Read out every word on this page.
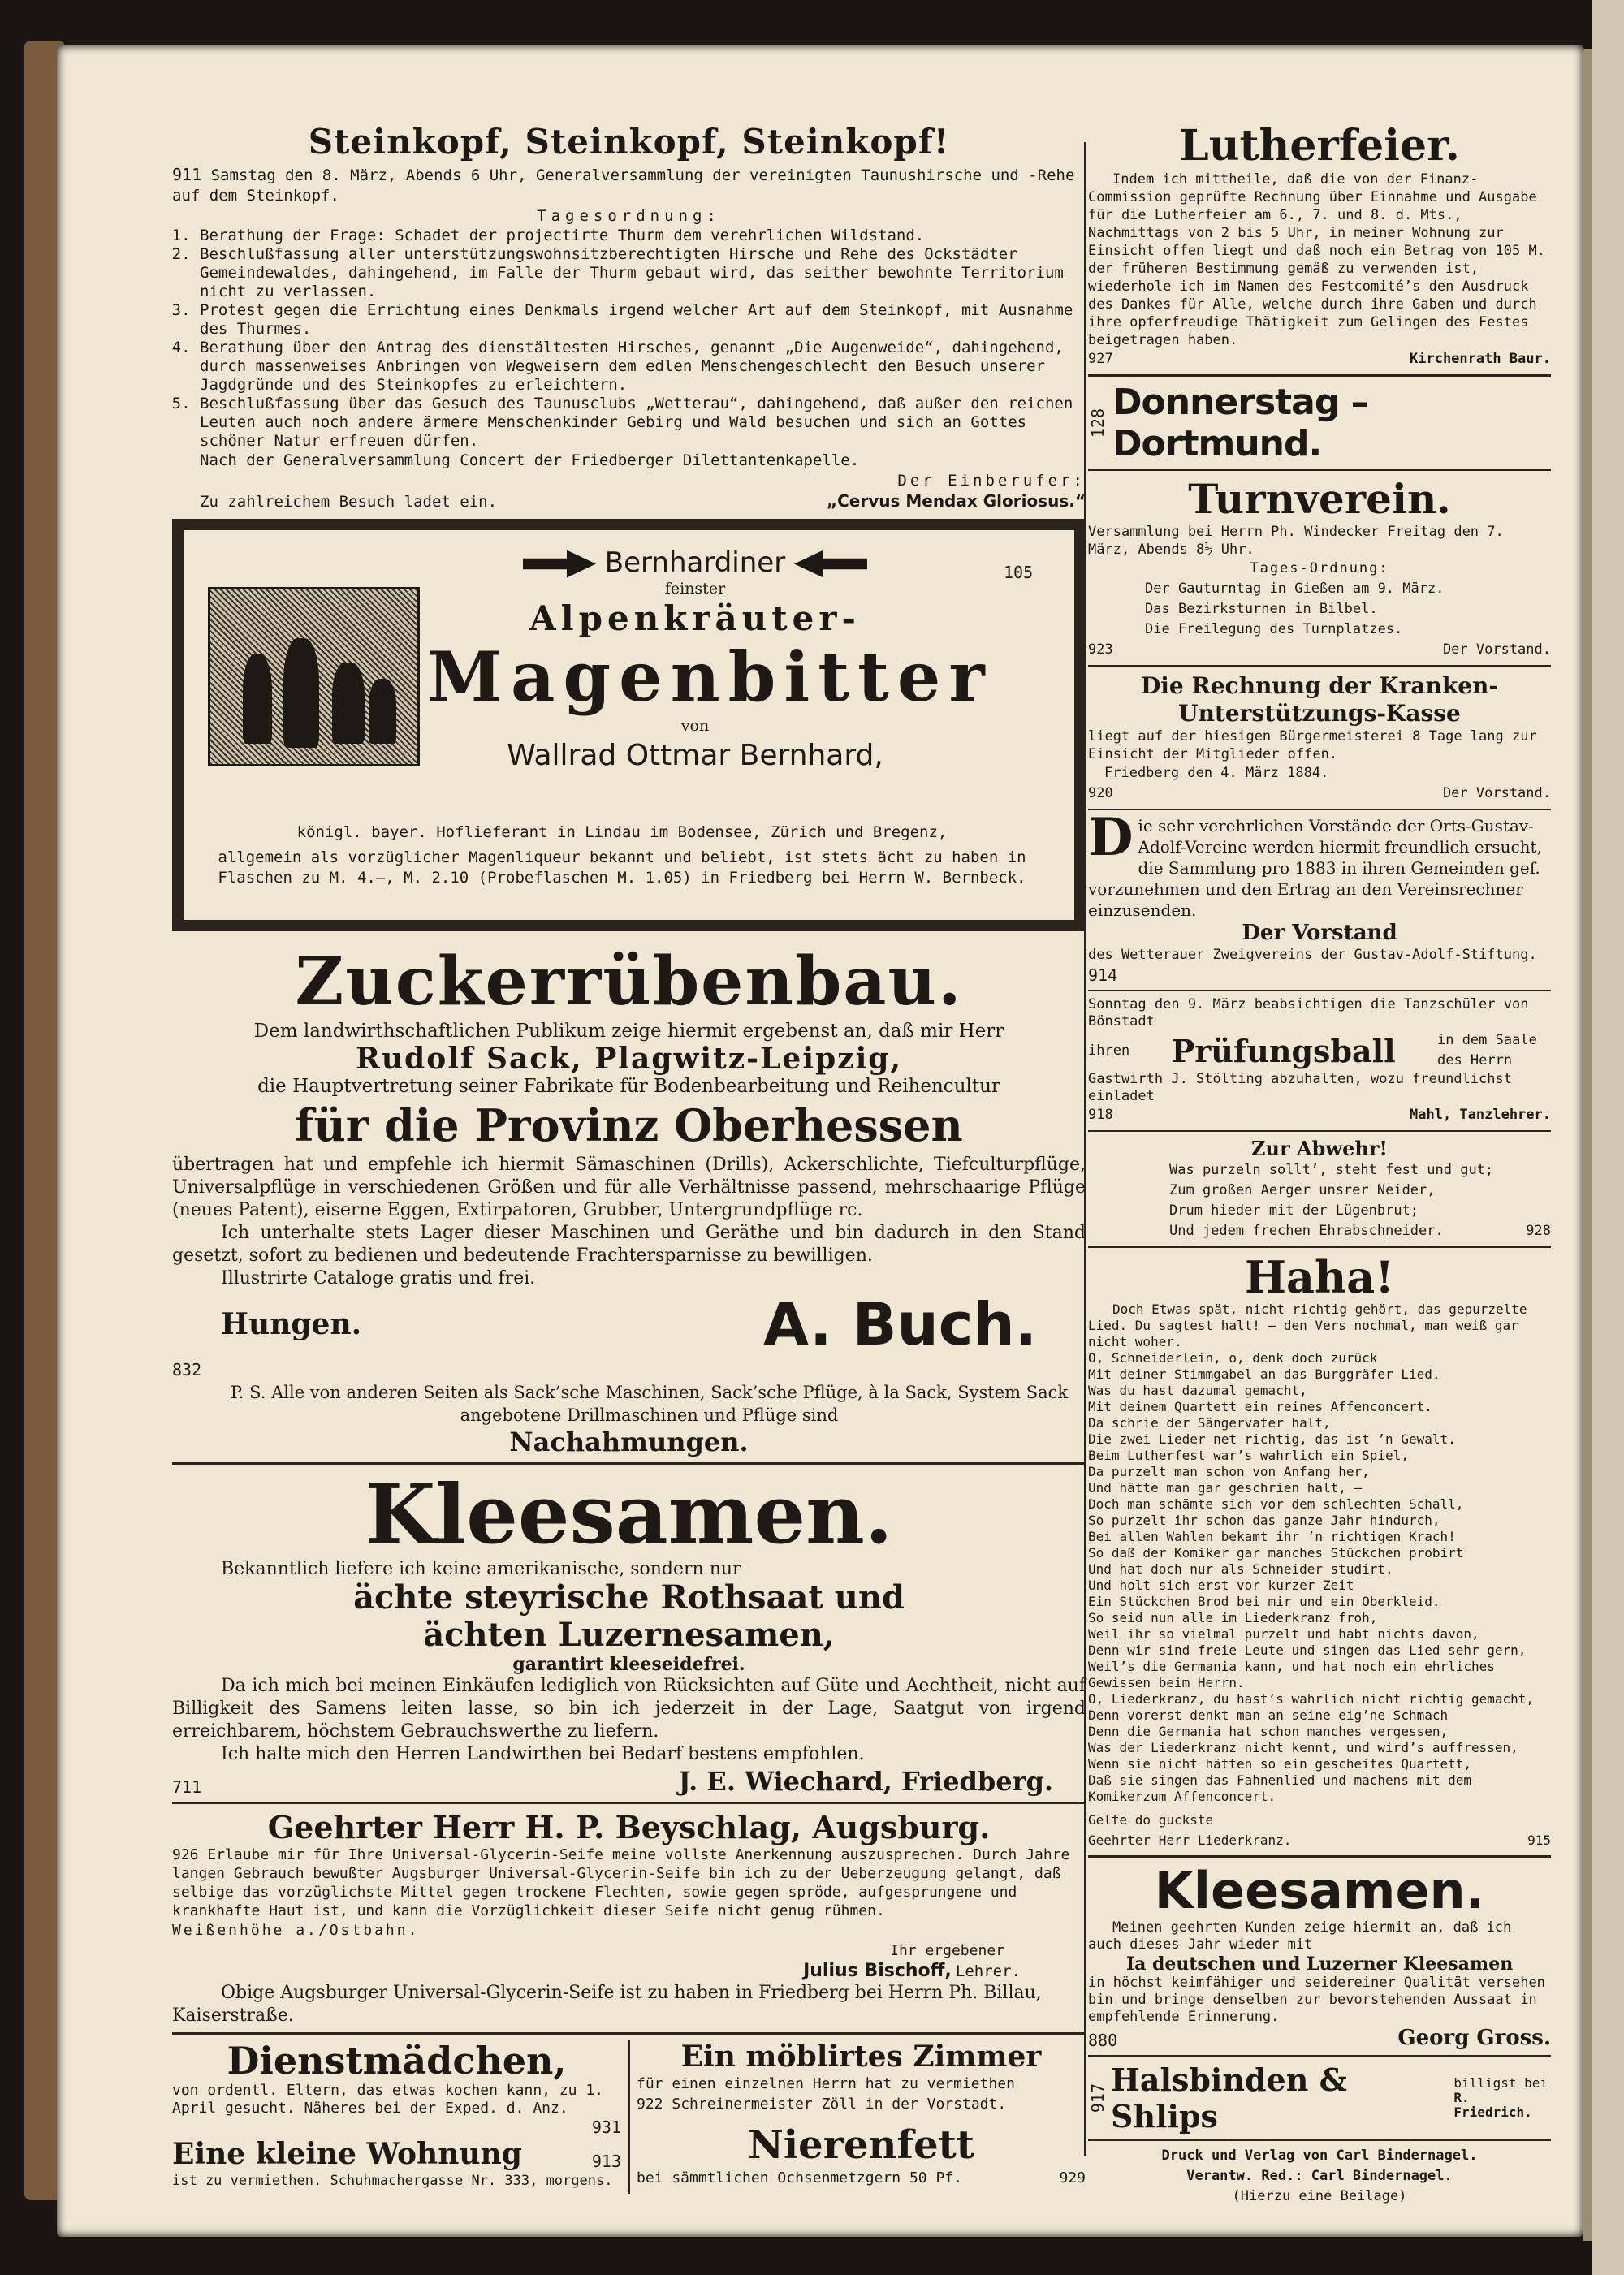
Steinkopf, Steinkopf, Steinkopf!

911 Samstag den 8. März, Abends 6 Uhr, Generalversammlung der vereinigten Taunushirsche und -Rehe auf dem Steinkopf.

Tagesordnung:

1. Berathung der Frage: Schadet der projectirte Thurm dem verehrlichen Wildstand.
2. Beschlußfassung aller unterstützungswohnsitzberechtigten Hirsche und Rehe des Ockstädter Gemeindewaldes, dahingehend, im Falle der Thurm gebaut wird, das seither bewohnte Territorium nicht zu verlassen.
3. Protest gegen die Errichtung eines Denkmals irgend welcher Art auf dem Steinkopf, mit Ausnahme des Thurmes.
4. Berathung über den Antrag des dienstältesten Hirsches, genannt „Die Augenweide“, dahingehend, durch massenweises Anbringen von Wegweisern dem edlen Menschengeschlecht den Besuch unserer Jagdgründe und des Steinkopfes zu erleichtern.
5. Beschlußfassung über das Gesuch des Taunusclubs „Wetterau“, dahingehend, daß außer den reichen Leuten auch noch andere ärmere Menschenkinder Gebirg und Wald besuchen und sich an Gottes schöner Natur erfreuen dürfen.

Nach der Generalversammlung Concert der Friedberger Dilettantenkapelle.

Zu zahlreichem Besuch ladet ein.
Der Einberufer:
„Cervus Mendax Gloriosus.“
Bernhardiner
feinster
Alpenkräuter-
Magenbitter
von
Wallrad Ottmar Bernhard,
105

königl. bayer. Hoflieferant in Lindau im Bodensee, Zürich und Bregenz,

allgemein als vorzüglicher Magenliqueur bekannt und beliebt, ist stets ächt zu haben in Flaschen zu M. 4.–, M. 2.10 (Probeflaschen M. 1.05) in Friedberg bei Herrn W. Bernbeck.

Zuckerrübenbau.

Dem landwirthschaftlichen Publikum zeige hiermit ergebenst an, daß mir Herr

Rudolf Sack, Plagwitz-Leipzig,

die Hauptvertretung seiner Fabrikate für Bodenbearbeitung und Reihencultur

für die Provinz Oberhessen

übertragen hat und empfehle ich hiermit Sämaschinen (Drills), Ackerschlichte, Tiefculturpflüge, Universalpflüge in verschiedenen Größen und für alle Verhältnisse passend, mehrschaarige Pflüge (neues Patent), eiserne Eggen, Extirpatoren, Grubber, Untergrundpflüge rc.

Ich unterhalte stets Lager dieser Maschinen und Geräthe und bin dadurch in den Stand gesetzt, sofort zu bedienen und bedeutende Frachtersparnisse zu bewilligen.

Illustrirte Cataloge gratis und frei.

Hungen.	A. Buch.

832

P. S. Alle von anderen Seiten als Sack’sche Maschinen, Sack’sche Pflüge, à la Sack, System Sack angebotene Drillmaschinen und Pflüge sind

Nachahmungen.
Kleesamen.

Bekanntlich liefere ich keine amerikanische, sondern nur

ächte steyrische Rothsaat und
ächten Luzernesamen,
garantirt kleeseidefrei.

Da ich mich bei meinen Einkäufen lediglich von Rücksichten auf Güte und Aechtheit, nicht auf Billigkeit des Samens leiten lasse, so bin ich jederzeit in der Lage, Saatgut von irgend erreichbarem, höchstem Gebrauchswerthe zu liefern.

Ich halte mich den Herren Landwirthen bei Bedarf bestens empfohlen.

711	J. E. Wiechard, Friedberg.
Geehrter Herr H. P. Beyschlag, Augsburg.

926 Erlaube mir für Ihre Universal-Glycerin-Seife meine vollste Anerkennung auszusprechen. Durch Jahre langen Gebrauch bewußter Augsburger Universal-Glycerin-Seife bin ich zu der Ueberzeugung gelangt, daß selbige das vorzüglichste Mittel gegen trockene Flechten, sowie gegen spröde, aufgesprungene und krankhafte Haut ist, und kann die Vorzüglichkeit dieser Seife nicht genug rühmen.

Weißenhöhe a./Ostbahn.

Ihr ergebener

Julius Bischoff, Lehrer.

Obige Augsburger Universal-Glycerin-Seife ist zu haben in Friedberg bei Herrn Ph. Billau, Kaiserstraße.

Dienstmädchen,

von ordentl. Eltern, das etwas kochen kann, zu 1. April gesucht. Näheres bei der Exped. d. Anz.

931

Eine kleine Wohnung	913

ist zu vermiethen. Schuhmachergasse Nr. 333, morgens.

Ein möblirtes Zimmer

für einen einzelnen Herrn hat zu vermiethen

922 Schreinermeister Zöll in der Vorstadt.

Nierenfett
bei sämmtlichen Ochsenmetzgern 50 Pf.	929
Lutherfeier.

Indem ich mittheile, daß die von der Finanz-Commission geprüfte Rechnung über Einnahme und Ausgabe für die Lutherfeier am 6., 7. und 8. d. Mts., Nachmittags von 2 bis 5 Uhr, in meiner Wohnung zur Einsicht offen liegt und daß noch ein Betrag von 105 M. der früheren Bestimmung gemäß zu verwenden ist, wiederhole ich im Namen des Festcomité’s den Ausdruck des Dankes für Alle, welche durch ihre Gaben und durch ihre opferfreudige Thätigkeit zum Gelingen des Festes beigetragen haben.

927	Kirchenrath Baur.
128 Donnerstag – Dortmund.
Turnverein.

Versammlung bei Herrn Ph. Windecker Freitag den 7. März, Abends 8½ Uhr.

Tages-Ordnung:

Der Gauturntag in Gießen am 9. März.

Das Bezirksturnen in Bilbel.

Die Freilegung des Turnplatzes.

923	Der Vorstand.
Die Rechnung der Kranken-Unterstützungs-Kasse

liegt auf der hiesigen Bürgermeisterei 8 Tage lang zur Einsicht der Mitglieder offen.

Friedberg den 4. März 1884.

920	Der Vorstand.

Die sehr verehrlichen Vorstände der Orts-Gustav-Adolf-Vereine werden hiermit freundlich ersucht, die Sammlung pro 1883 in ihren Gemeinden gef. vorzunehmen und den Ertrag an den Vereinsrechner einzusenden.

Der Vorstand

des Wetterauer Zweigvereins der Gustav-Adolf-Stiftung.

914

Sonntag den 9. März beabsichtigen die Tanzschüler von Bönstadt

ihren Prüfungsball	in dem Saale des Herrn

Gastwirth J. Stölting abzuhalten, wozu freundlichst einladet

918	Mahl, Tanzlehrer.
Zur Abwehr!

Was purzeln sollt’, steht fest und gut;

Zum großen Aerger unsrer Neider,

Drum hieder mit der Lügenbrut;

Und jedem frechen Ehrabschneider.	928
Haha!

Doch Etwas spät, nicht richtig gehört, das gepurzelte Lied. Du sagtest halt! — den Vers nochmal, man weiß gar nicht woher.

O, Schneiderlein, o, denk doch zurück

Mit deiner Stimmgabel an das Burggräfer Lied.

Was du hast dazumal gemacht,

Mit deinem Quartett ein reines Affenconcert.

Da schrie der Sängervater halt,

Die zwei Lieder net richtig, das ist ’n Gewalt.

Beim Lutherfest war’s wahrlich ein Spiel,

Da purzelt man schon von Anfang her,

Und hätte man gar geschrien halt, —

Doch man schämte sich vor dem schlechten Schall,

So purzelt ihr schon das ganze Jahr hindurch,

Bei allen Wahlen bekamt ihr ’n richtigen Krach!

So daß der Komiker gar manches Stückchen probirt

Und hat doch nur als Schneider studirt.

Und holt sich erst vor kurzer Zeit

Ein Stückchen Brod bei mir und ein Oberkleid.

So seid nun alle im Liederkranz froh,

Weil ihr so vielmal purzelt und habt nichts davon,

Denn wir sind freie Leute und singen das Lied sehr gern,

Weil’s die Germania kann, und hat noch ein ehrliches Gewissen beim Herrn.

O, Liederkranz, du hast’s wahrlich nicht richtig gemacht,

Denn vorerst denkt man an seine eig’ne Schmach

Denn die Germania hat schon manches vergessen,

Was der Liederkranz nicht kennt, und wird’s auffressen,

Wenn sie nicht hätten so ein gescheites Quartett,

Daß sie singen das Fahnenlied und machens mit dem Komikerzum Affenconcert.

Gelte do guckste

Geehrter Herr Liederkranz.	915
Kleesamen.

Meinen geehrten Kunden zeige hiermit an, daß ich auch dieses Jahr wieder mit

Ia deutschen und Luzerner Kleesamen

in höchst keimfähiger und seidereiner Qualität versehen bin und bringe denselben zur bevorstehenden Aussaat in empfehlende Erinnerung.

880	Georg Gross.
917 Halsbinden & Shlips
billigst bei
R. Friedrich.

Druck und Verlag von Carl Bindernagel.

Verantw. Red.: Carl Bindernagel.

(Hierzu eine Beilage)
